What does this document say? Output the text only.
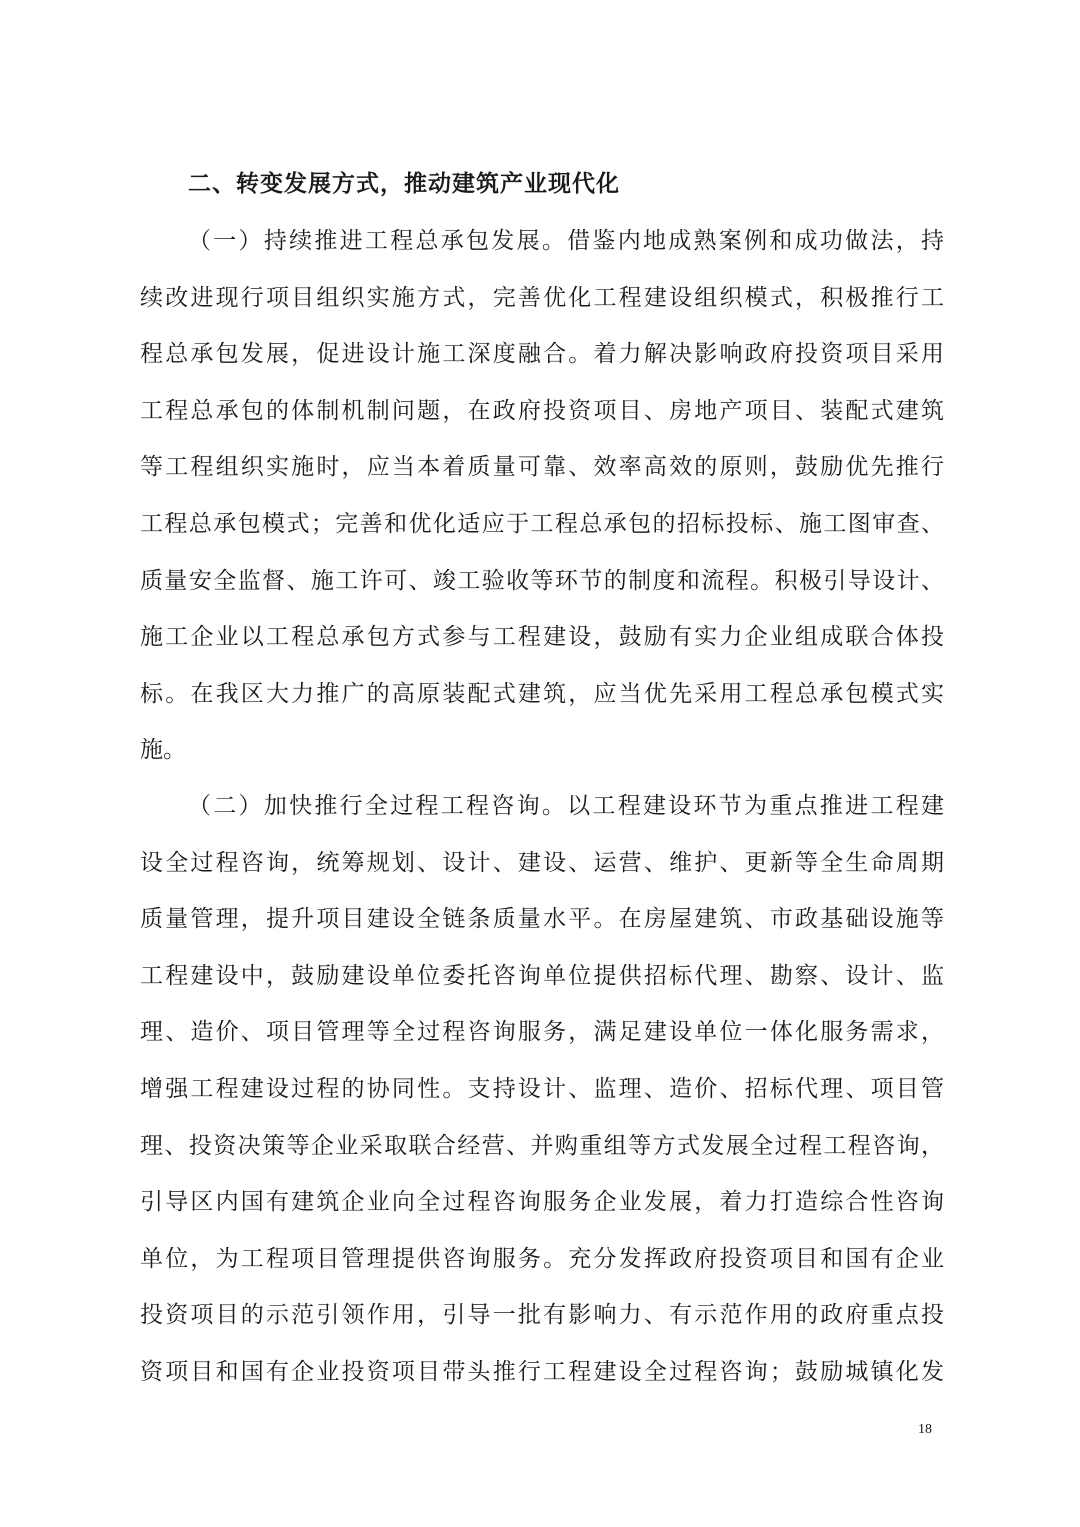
二、转变发展方式，推动建筑产业现代化
（一）持续推进工程总承包发展。借鉴内地成熟案例和成功做法，持
续改进现行项目组织实施方式，完善优化工程建设组织模式，积极推行工
程总承包发展，促进设计施工深度融合。着力解决影响政府投资项目采用
工程总承包的体制机制问题，在政府投资项目、房地产项目、装配式建筑
等工程组织实施时，应当本着质量可靠、效率高效的原则，鼓励优先推行
工程总承包模式；完善和优化适应于工程总承包的招标投标、施工图审查、
质量安全监督、施工许可、竣工验收等环节的制度和流程。积极引导设计、
施工企业以工程总承包方式参与工程建设，鼓励有实力企业组成联合体投
标。在我区大力推广的高原装配式建筑，应当优先采用工程总承包模式实
施。
（二）加快推行全过程工程咨询。以工程建设环节为重点推进工程建
设全过程咨询，统筹规划、设计、建设、运营、维护、更新等全生命周期
质量管理，提升项目建设全链条质量水平。在房屋建筑、市政基础设施等
工程建设中，鼓励建设单位委托咨询单位提供招标代理、勘察、设计、监
理、造价、项目管理等全过程咨询服务，满足建设单位一体化服务需求，
增强工程建设过程的协同性。支持设计、监理、造价、招标代理、项目管
理、投资决策等企业采取联合经营、并购重组等方式发展全过程工程咨询，
引导区内国有建筑企业向全过程咨询服务企业发展，着力打造综合性咨询
单位，为工程项目管理提供咨询服务。充分发挥政府投资项目和国有企业
投资项目的示范引领作用，引导一批有影响力、有示范作用的政府重点投
资项目和国有企业投资项目带头推行工程建设全过程咨询；鼓励城镇化发
18
